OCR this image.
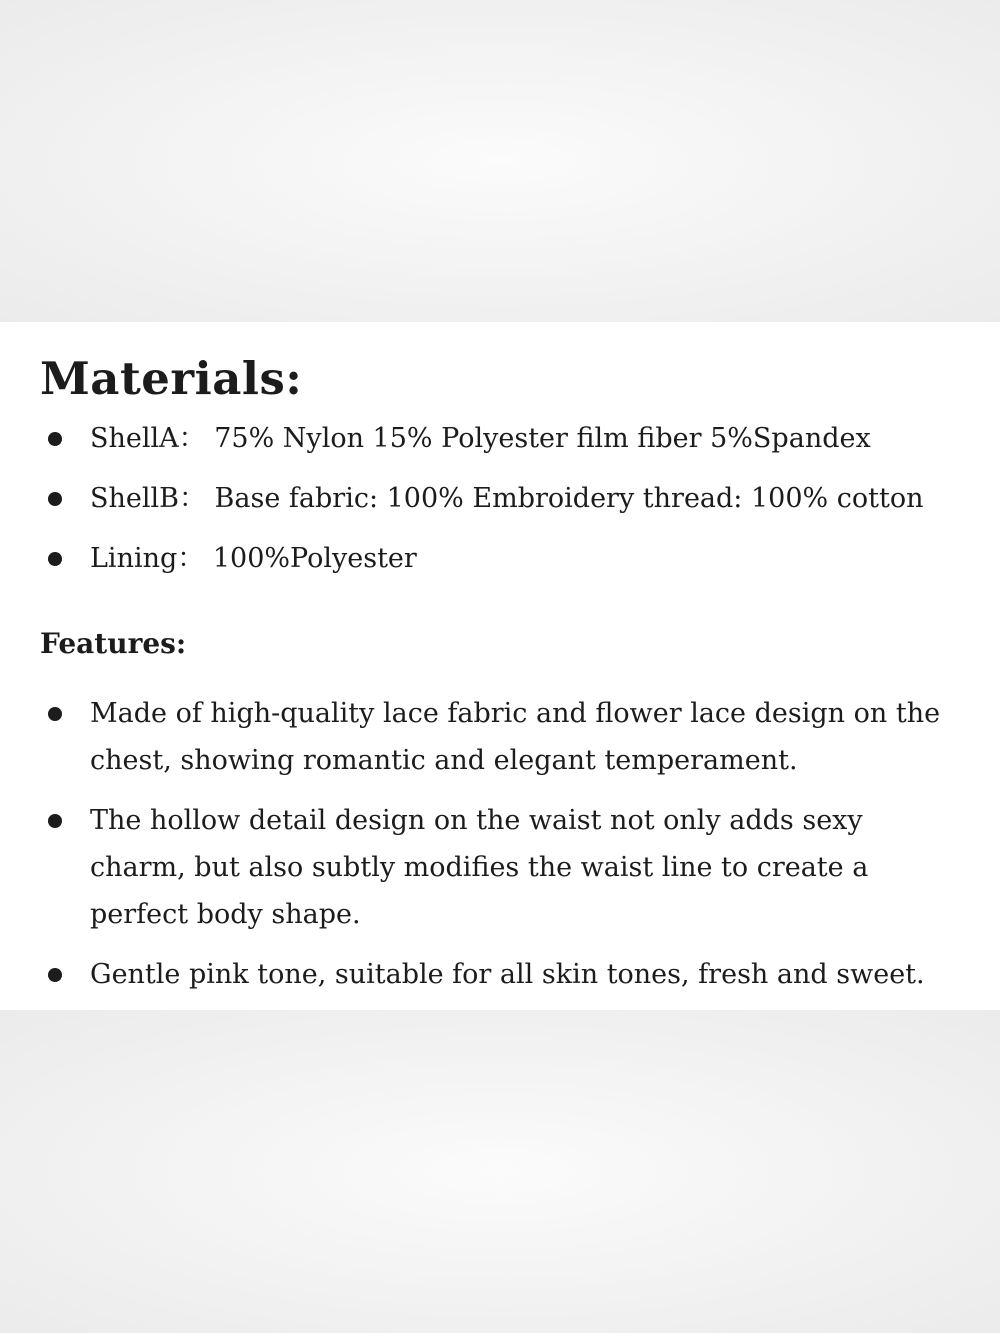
Materials:
ShellA： 75% Nylon 15% Polyester film fiber 5%Spandex
ShellB： Base fabric: 100% Embroidery thread: 100% cotton
Lining： 100%Polyester
Features:
Made of high-quality lace fabric and flower lace design on the chest, showing romantic and elegant temperament.
The hollow detail design on the waist not only adds sexy charm, but also subtly modifies the waist line to create a perfect body shape.
Gentle pink tone, suitable for all skin tones, fresh and sweet.
